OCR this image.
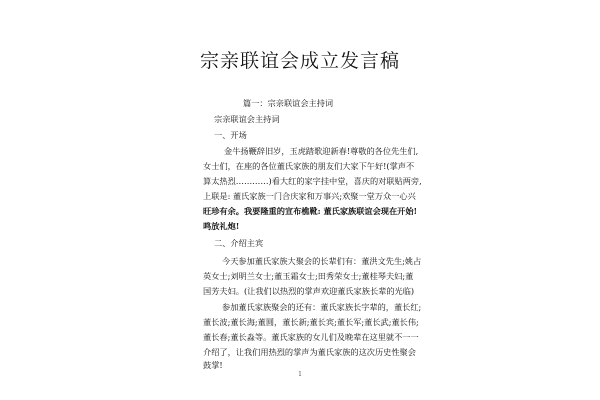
宗亲联谊会成立发言稿
篇一：宗亲联谊会主持词
宗亲联谊会主持词
一、开场
金牛扬鞭辞旧岁，玉虎踏歌迎新春!尊敬的各位先生们,
女士们，在座的各位董氏家族的朋友们大家下午好!(掌声不
算太热烈…………)看大红的家字挂中堂，喜庆的对联贴两旁,
上联是: 董氏家族一门合庆家和万事兴;欢聚一堂万众一心兴
旺珍有余。我要隆重的宣布樵靴: 董氏家族联谊会现在开始!
鸣放礼炮!
二、介绍主宾
今天参加董氏家族大聚会的长辈们有：董洪文先生;姚占
英女士;刘明兰女士;董玉霜女士;田秀荣女士;董桂琴夫妇;董
国芳夫妇。(让我们以热烈的掌声欢迎董氏家族长辈的光临)
参加董氏家族聚会的还有：董氏家族长字辈的，董长红;
董长波;董长海;董圆，董长新;董长宾;董长军;董长武;董长伟;
董长春;董长淼等。董氏家族的女儿们及晚辈在这里就不一一
介绍了，让我们用热烈的掌声为董氏家族的这次历史性聚会
鼓掌!
1
